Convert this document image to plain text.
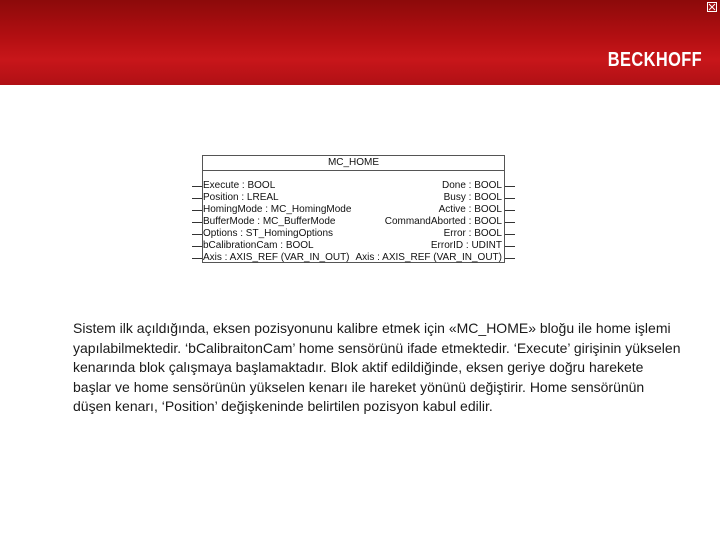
BECKHOFF
MC_HOME
Execute : BOOL
Position : LREAL
HomingMode : MC_HomingMode
BufferMode : MC_BufferMode
Options : ST_HomingOptions
bCalibrationCam : BOOL
Axis : AXIS_REF (VAR_IN_OUT)
Done : BOOL
Busy : BOOL
Active : BOOL
CommandAborted : BOOL
Error : BOOL
ErrorID : UDINT
Axis : AXIS_REF (VAR_IN_OUT)
Sistem ilk açıldığında, eksen pozisyonunu kalibre etmek için «MC_HOME» bloğu ile home işlemi yapılabilmektedir. ‘bCalibraitonCam’ home sensörünü ifade etmektedir. ‘Execute’ girişinin yükselen kenarında blok çalışmaya başlamaktadır. Blok aktif edildiğinde, eksen geriye doğru harekete başlar ve home sensörünün yükselen kenarı ile hareket yönünü değiştirir. Home sensörünün düşen kenarı, ‘Position’ değişkeninde belirtilen pozisyon kabul edilir.
